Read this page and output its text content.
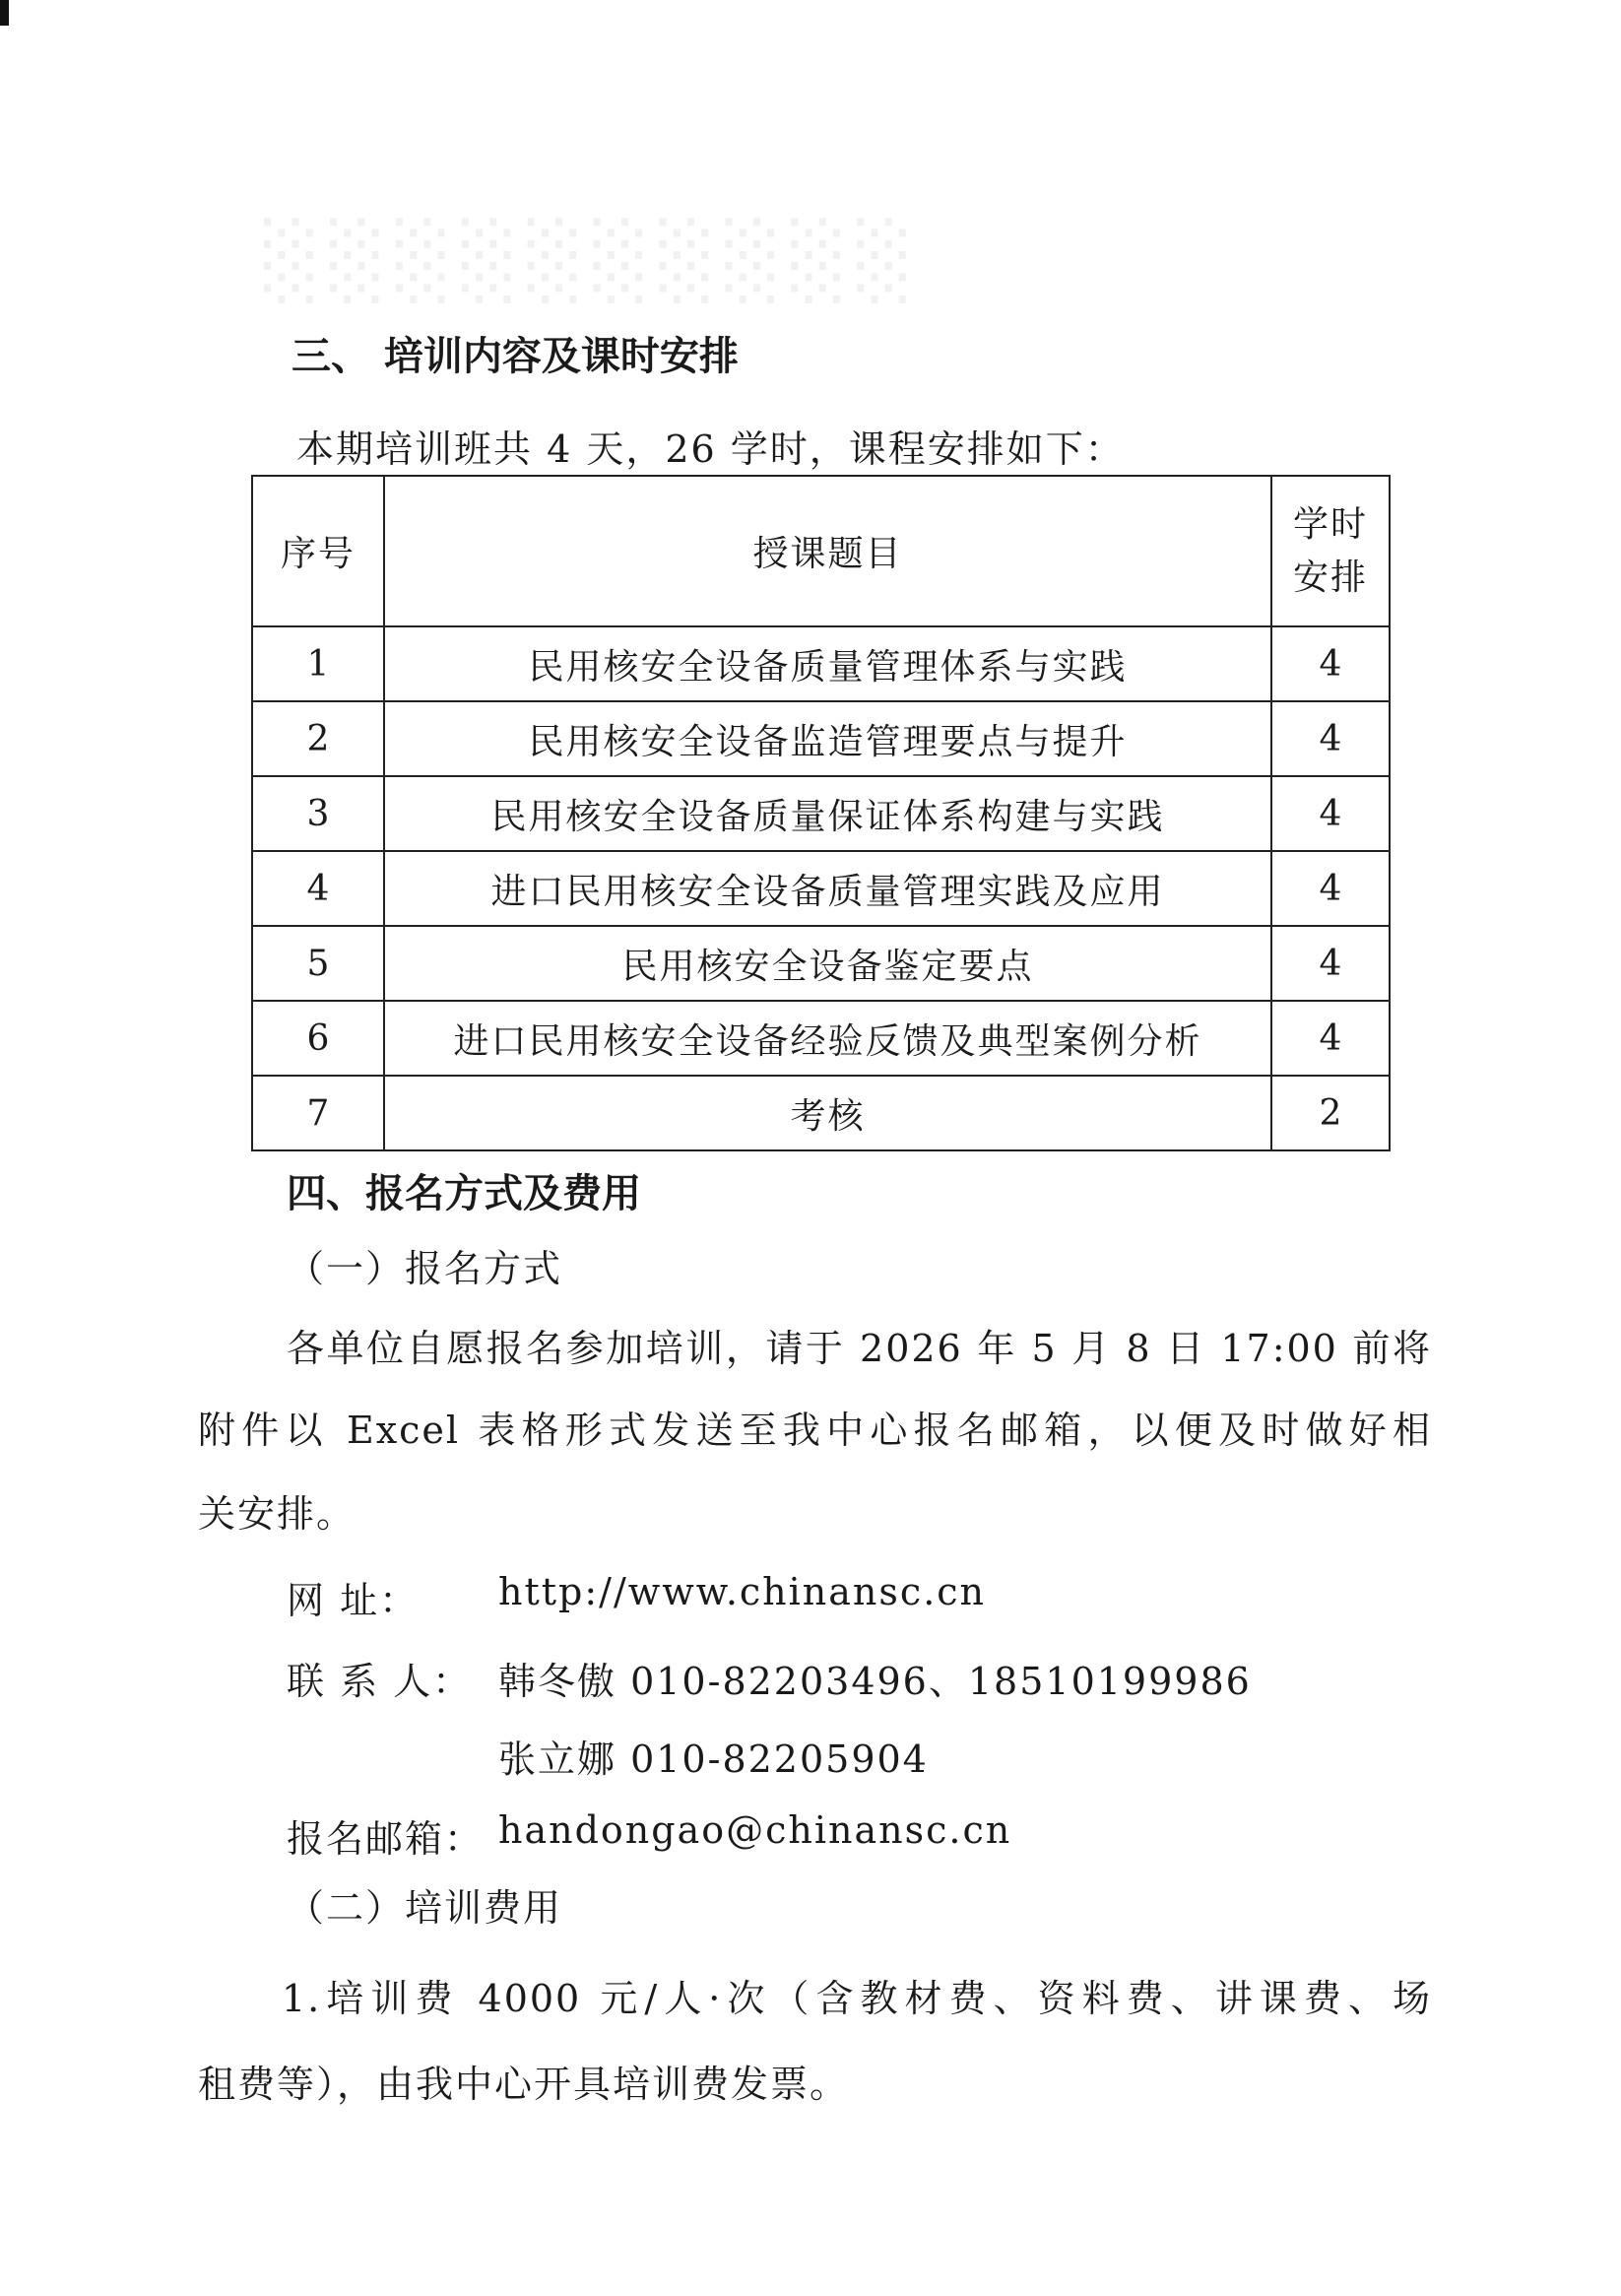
░░░░░░░░░░
三、 培训内容及课时安排
本期培训班共 4 天，26 学时，课程安排如下：
序号	授课题目	学时
安排

1	民用核安全设备质量管理体系与实践	4
2	民用核安全设备监造管理要点与提升	4
3	民用核安全设备质量保证体系构建与实践	4
4	进口民用核安全设备质量管理实践及应用	4
5	民用核安全设备鉴定要点	4
6	进口民用核安全设备经验反馈及典型案例分析	4
7	考核	2
四、报名方式及费用
（一）报名方式
各单位自愿报名参加培训，请于 2026 年 5 月 8 日 17:00 前将
附件以 Excel 表格形式发送至我中心报名邮箱，以便及时做好相
关安排。
网 址： http://www.chinansc.cn
联 系 人： 韩冬傲 010-82203496、18510199986
张立娜 010-82205904
报名邮箱： handongao@chinansc.cn
（二）培训费用
1.培训费 4000 元/人·次（含教材费、资料费、讲课费、场
租费等），由我中心开具培训费发票。
